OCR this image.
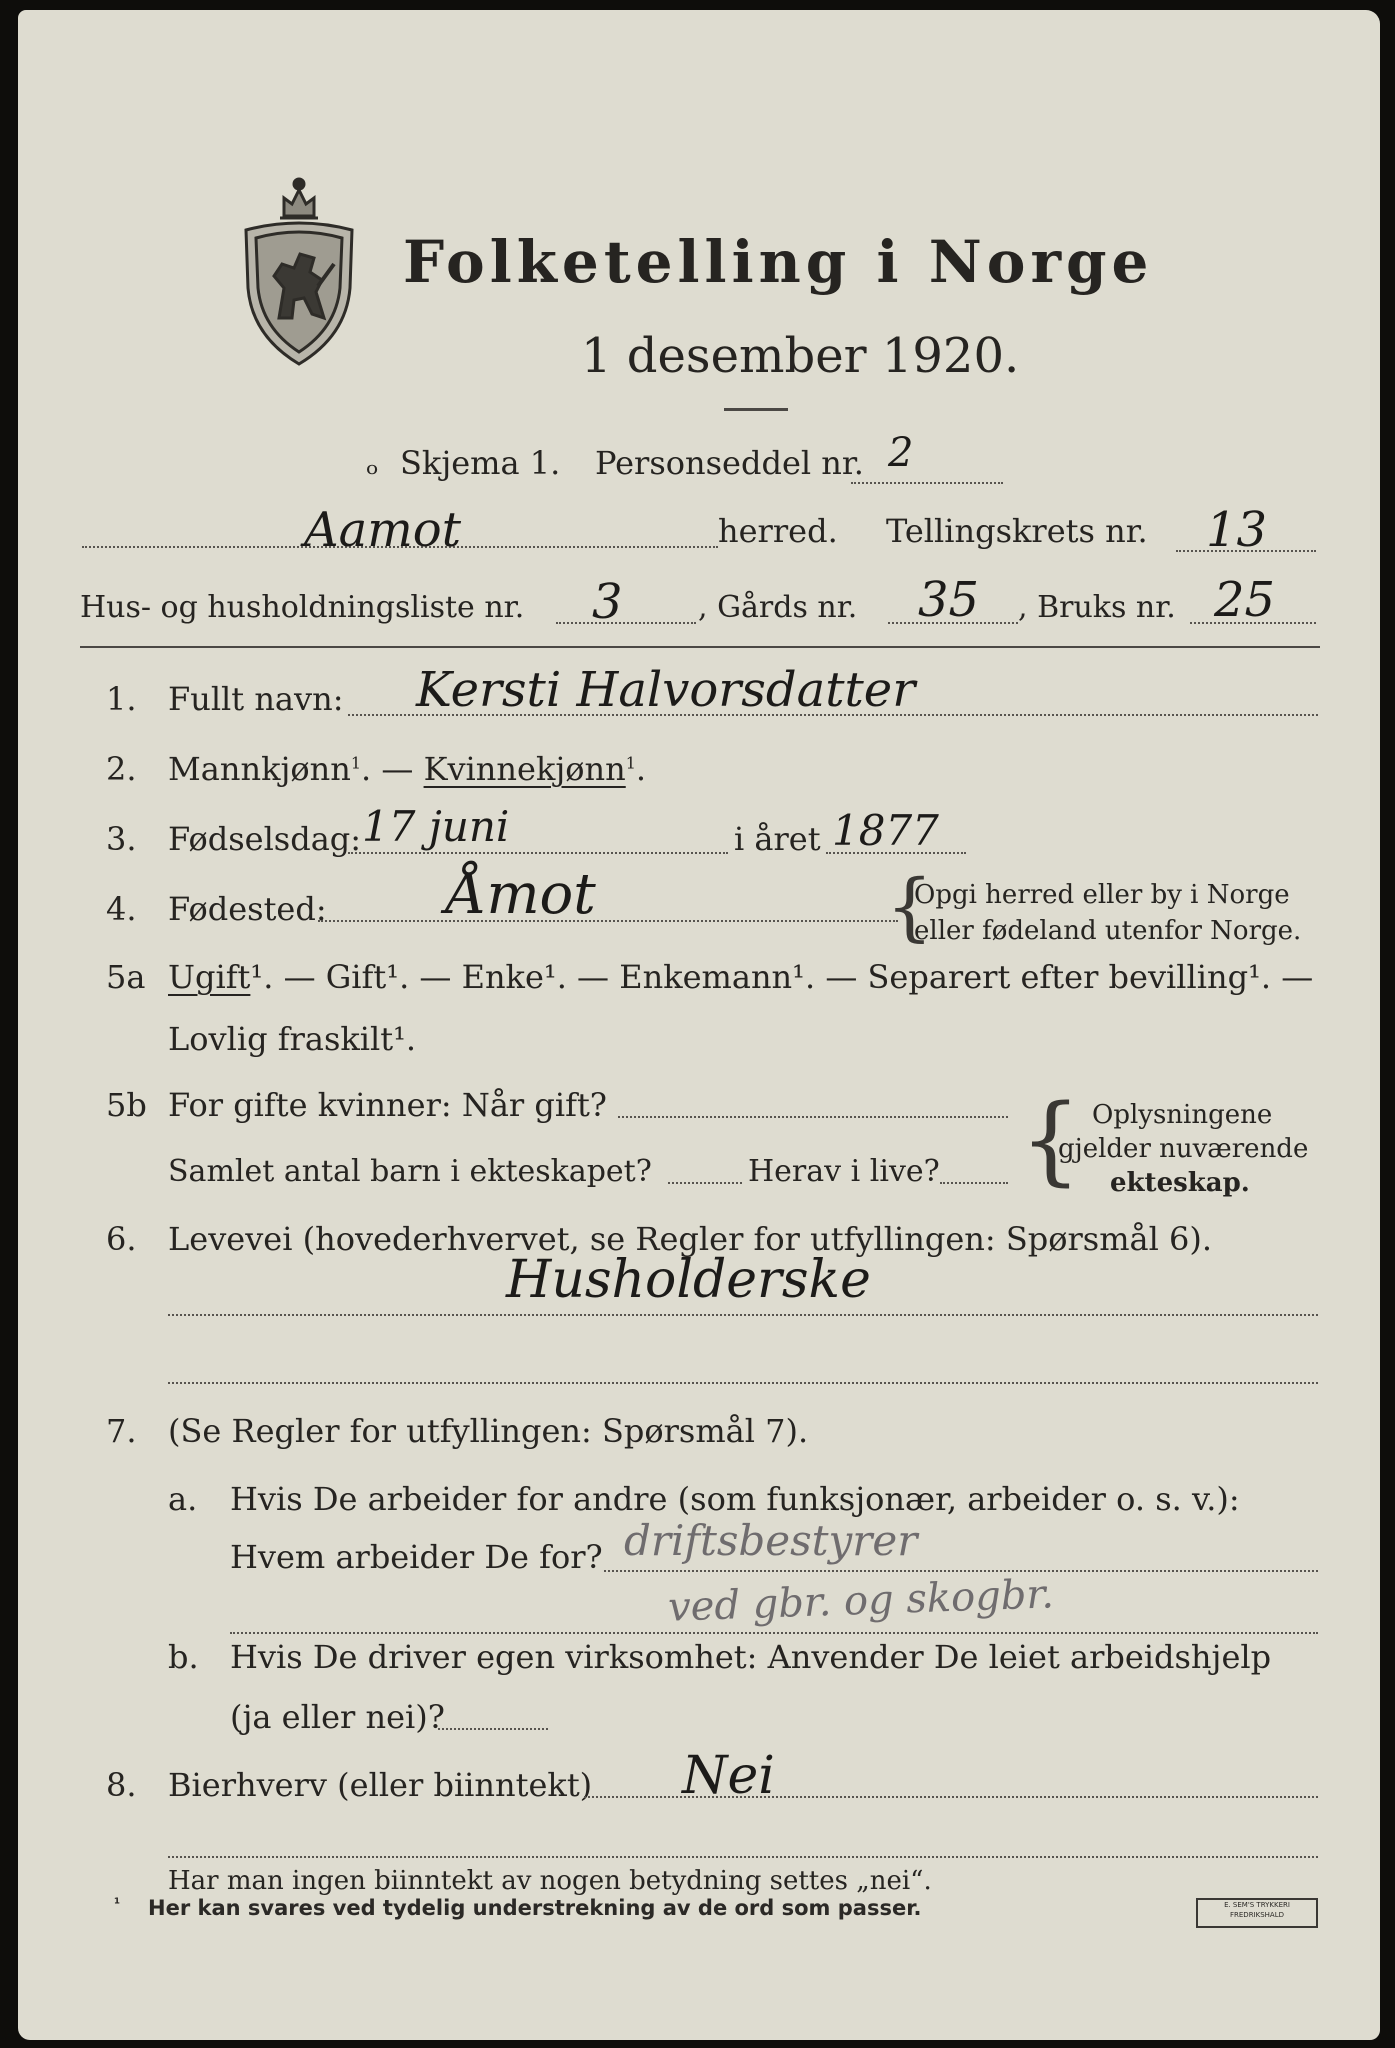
Folketelling i Norge
1 desember 1920.
ₒ Skjema 1. Personseddel nr. 2
Aamot	herred. Tellingskrets nr. 13
Hus- og husholdningsliste nr. 3	, Gårds nr. 35 , Bruks nr. 25
1. Fullt navn: Kersti Halvorsdatter
2. Mannkjønn$^1$. — Kvinnekjønn$^1$.
3. Fødselsdag: 17 juni	i året 1877
4. Fødested: Åmot	{
Opgi herred eller by i Norge
eller fødeland utenfor Norge.
5a Ugift¹. — Gift¹. — Enke¹. — Enkemann¹. — Separert efter bevilling¹. —
Lovlig fraskilt¹.
5b For gifte kvinner: Når gift?
Samlet antal barn i ekteskapet?	Herav i live? { Oplysningene
gjelder nuværende
ekteskap.
6. Levevei (hovederhvervet, se Regler for utfyllingen: Spørsmål 6).
Husholderske
7. (Se Regler for utfyllingen: Spørsmål 7).
a. Hvis De arbeider for andre (som funksjonær, arbeider o. s. v.):
Hvem arbeider De for? driftsbestyrer
ved gbr. og skogbr.
b. Hvis De driver egen virksomhet: Anvender De leiet arbeidshjelp
(ja eller nei)?
8. Bierhverv (eller biinntekt) Nei
Har man ingen biinntekt av nogen betydning settes „nei“.
¹ Her kan svares ved tydelig understrekning av de ord som passer.	E. SEM'S TRYKKERI FREDRIKSHALD
